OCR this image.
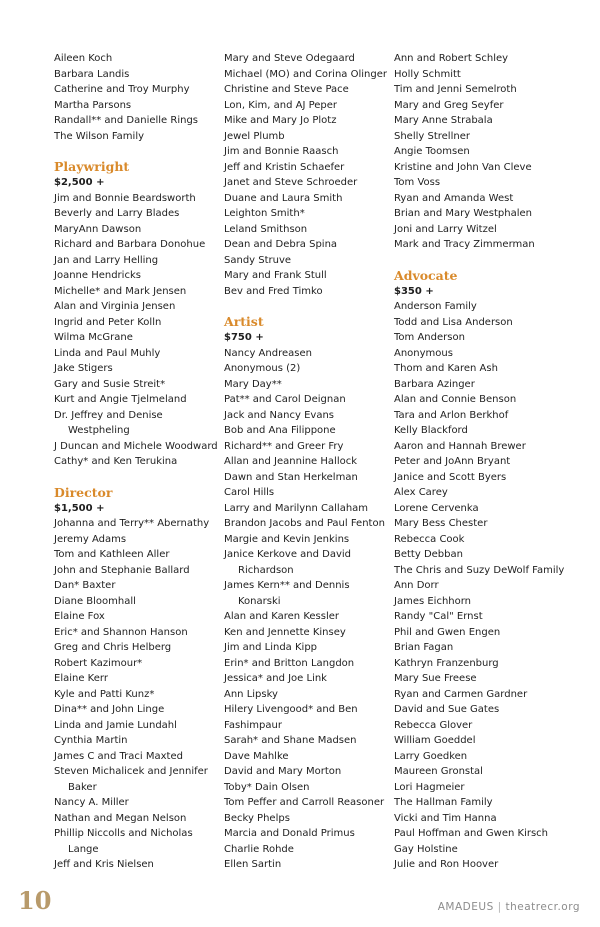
Aileen Koch
Barbara Landis
Catherine and Troy Murphy
Martha Parsons
Randall** and Danielle Rings
The Wilson Family
Playwright
$2,500 +
Jim and Bonnie Beardsworth
Beverly and Larry Blades
MaryAnn Dawson
Richard and Barbara Donohue
Jan and Larry Helling
Joanne Hendricks
Michelle* and Mark Jensen
Alan and Virginia Jensen
Ingrid and Peter Kolln
Wilma McGrane
Linda and Paul Muhly
Jake Stigers
Gary and Susie Streit*
Kurt and Angie Tjelmeland
Dr. Jeffrey and Denise
Westpheling
J Duncan and Michele Woodward
Cathy* and Ken Terukina
Director
$1,500 +
Johanna and Terry** Abernathy
Jeremy Adams
Tom and Kathleen Aller
John and Stephanie Ballard
Dan* Baxter
Diane Bloomhall
Elaine Fox
Eric* and Shannon Hanson
Greg and Chris Helberg
Robert Kazimour*
Elaine Kerr
Kyle and Patti Kunz*
Dina** and John Linge
Linda and Jamie Lundahl
Cynthia Martin
James C and Traci Maxted
Steven Michalicek and Jennifer
Baker
Nancy A. Miller
Nathan and Megan Nelson
Phillip Niccolls and Nicholas
Lange
Jeff and Kris Nielsen
Mary and Steve Odegaard
Michael (MO) and Corina Olinger
Christine and Steve Pace
Lon, Kim, and AJ Peper
Mike and Mary Jo Plotz
Jewel Plumb
Jim and Bonnie Raasch
Jeff and Kristin Schaefer
Janet and Steve Schroeder
Duane and Laura Smith
Leighton Smith*
Leland Smithson
Dean and Debra Spina
Sandy Struve
Mary and Frank Stull
Bev and Fred Timko
Artist
$750 +
Nancy Andreasen
Anonymous (2)
Mary Day**
Pat** and Carol Deignan
Jack and Nancy Evans
Bob and Ana Filippone
Richard** and Greer Fry
Allan and Jeannine Hallock
Dawn and Stan Herkelman
Carol Hills
Larry and Marilynn Callaham
Brandon Jacobs and Paul Fenton
Margie and Kevin Jenkins
Janice Kerkove and David
Richardson
James Kern** and Dennis
Konarski
Alan and Karen Kessler
Ken and Jennette Kinsey
Jim and Linda Kipp
Erin* and Britton Langdon
Jessica* and Joe Link
Ann Lipsky
Hilery Livengood* and Ben
Fashimpaur
Sarah* and Shane Madsen
Dave Mahlke
David and Mary Morton
Toby* Dain Olsen
Tom Peffer and Carroll Reasoner
Becky Phelps
Marcia and Donald Primus
Charlie Rohde
Ellen Sartin
Ann and Robert Schley
Holly Schmitt
Tim and Jenni Semelroth
Mary and Greg Seyfer
Mary Anne Strabala
Shelly Strellner
Angie Toomsen
Kristine and John Van Cleve
Tom Voss
Ryan and Amanda West
Brian and Mary Westphalen
Joni and Larry Witzel
Mark and Tracy Zimmerman
Advocate
$350 +
Anderson Family
Todd and Lisa Anderson
Tom Anderson
Anonymous
Thom and Karen Ash
Barbara Azinger
Alan and Connie Benson
Tara and Arlon Berkhof
Kelly Blackford
Aaron and Hannah Brewer
Peter and JoAnn Bryant
Janice and Scott Byers
Alex Carey
Lorene Cervenka
Mary Bess Chester
Rebecca Cook
Betty Debban
The Chris and Suzy DeWolf Family
Ann Dorr
James Eichhorn
Randy "Cal" Ernst
Phil and Gwen Engen
Brian Fagan
Kathryn Franzenburg
Mary Sue Freese
Ryan and Carmen Gardner
David and Sue Gates
Rebecca Glover
William Goeddel
Larry Goedken
Maureen Gronstal
Lori Hagmeier
The Hallman Family
Vicki and Tim Hanna
Paul Hoffman and Gwen Kirsch
Gay Holstine
Julie and Ron Hoover
10	AMADEUS | theatrecr.org
